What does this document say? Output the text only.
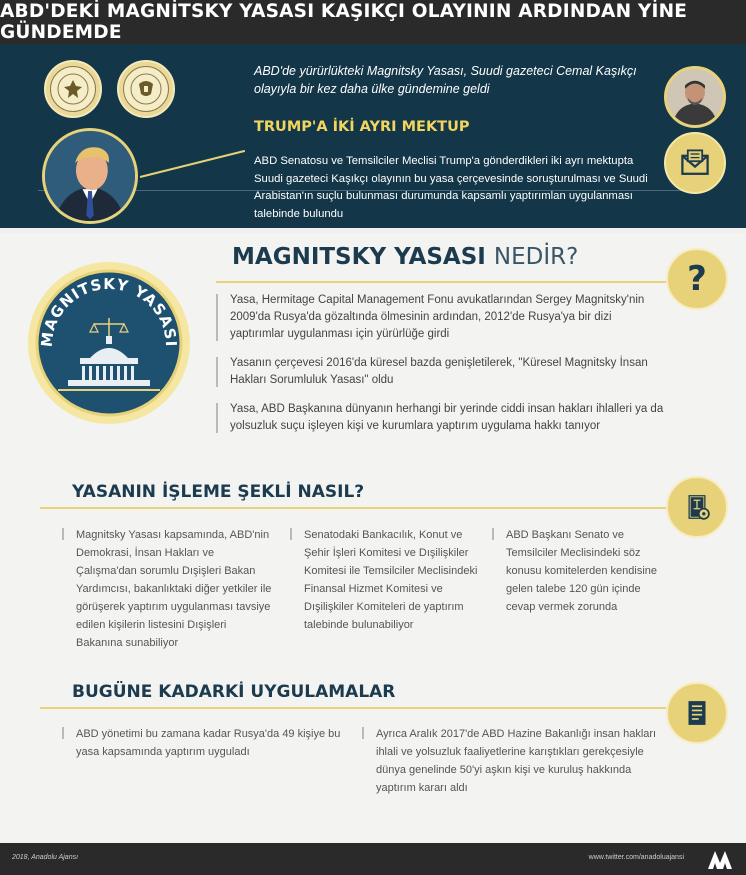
ABD'DEKİ MAGNİTSKY YASASI KAŞIKÇI OLAYININ ARDINDAN YİNE GÜNDEMDE
ABD'de yürürlükteki Magnitsky Yasası, Suudi gazeteci Cemal Kaşıkçı olayıyla bir kez daha ülke gündemine geldi
TRUMP'A İKİ AYRI MEKTUP
ABD Senatosu ve Temsilciler Meclisi Trump'a gönderdikleri iki ayrı mektupta Suudi gazeteci Kaşıkçı olayının bu yasa çerçevesinde soruşturulması ve Suudi Arabistan'ın suçlu bulunması durumunda kapsamlı yaptırımlan uygulanması talebinde bulundu
MAGNITSKY YASASI
?
MAGNITSKY YASASI NEDİR?
Yasa, Hermitage Capital Management Fonu avukatlarından Sergey Magnitsky'nin 2009'da Rusya'da gözaltında ölmesinin ardından, 2012'de Rusya'ya bir dizi yaptırımlar uygulanması için yürürlüğe girdi
Yasanın çerçevesi 2016'da küresel bazda genişletilerek, "Küresel Magnitsky İnsan Hakları Sorumluluk Yasası" oldu
Yasa, ABD Başkanına dünyanın herhangi bir yerinde ciddi insan hakları ihlalleri ya da yolsuzluk suçu işleyen kişi ve kurumlara yaptırım uygulama hakkı tanıyor
YASANIN İŞLEME ŞEKLİ NASIL?
Magnitsky Yasası kapsamında, ABD'nin Demokrasi, İnsan Hakları ve Çalışma'dan sorumlu Dışişleri Bakan Yardımcısı, bakanlıktaki diğer yetkiler ile görüşerek yaptırım uygulanması tavsiye edilen kişilerin listesini Dışişleri Bakanına sunabiliyor
Senatodaki Bankacılık, Konut ve Şehir İşleri Komitesi ve Dışilişkiler Komitesi ile Temsilciler Meclisindeki Finansal Hizmet Komitesi ve Dışilişkiler Komiteleri de yaptırım talebinde bulunabiliyor
ABD Başkanı Senato ve Temsilciler Meclisindeki söz konusu komitelerden kendisine gelen talebe 120 gün içinde cevap vermek zorunda
BUGÜNE KADARKİ UYGULAMALAR
ABD yönetimi bu zamana kadar Rusya'da 49 kişiye bu yasa kapsamında yaptırım uyguladı
Ayrıca Aralık 2017'de ABD Hazine Bakanlığı insan hakları ihlali ve yolsuzluk faaliyetlerine karıştıkları gerekçesiyle dünya genelinde 50'yi aşkın kişi ve kuruluş hakkında yaptırım kararı aldı
2018, Anadolu Ajansı	www.twitter.com/anadoluajansi
